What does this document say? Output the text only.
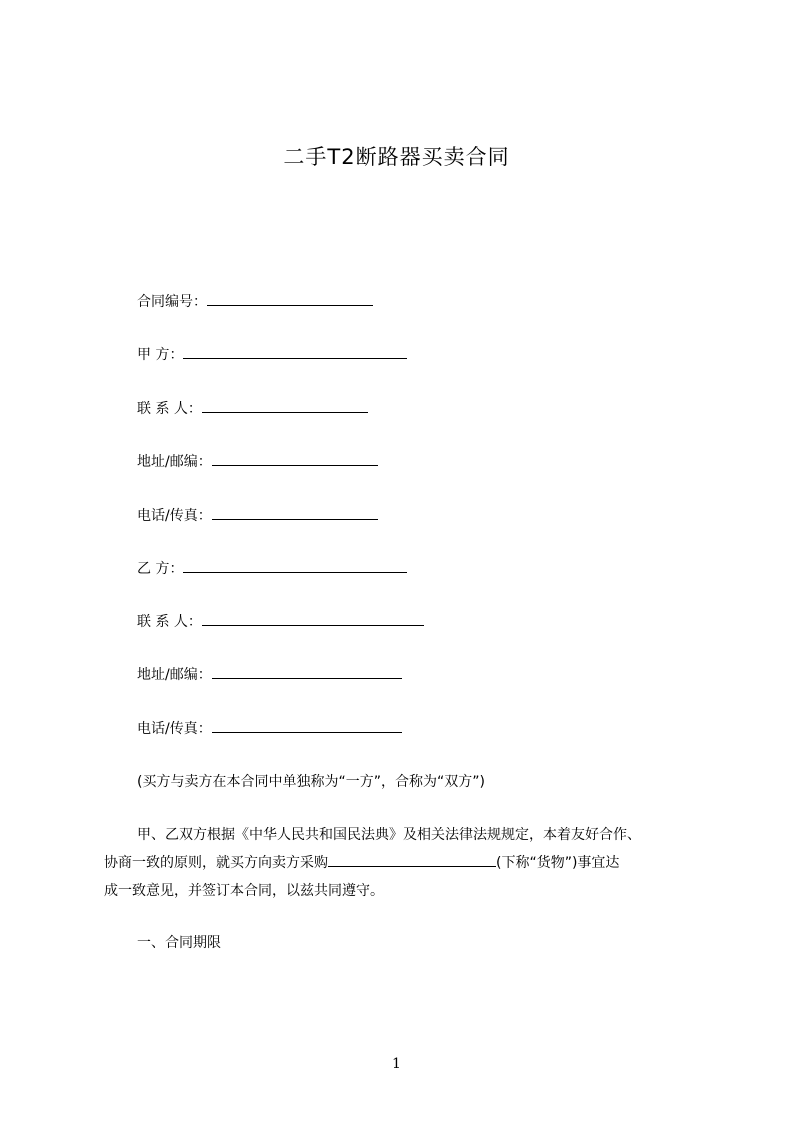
二手T2断路器买卖合同
合同编号：
甲 方：
联 系 人：
地址/邮编：
电话/传真：
乙 方：
联 系 人：
地址/邮编：
电话/传真：
(买方与卖方在本合同中单独称为“一方”，合称为“双方”)
甲、乙双方根据《中华人民共和国民法典》及相关法律法规规定，本着友好合作、
协商一致的原则，就买方向卖方采购	(下称“货物”)事宜达
成一致意见，并签订本合同，以兹共同遵守。
一、合同期限
1
